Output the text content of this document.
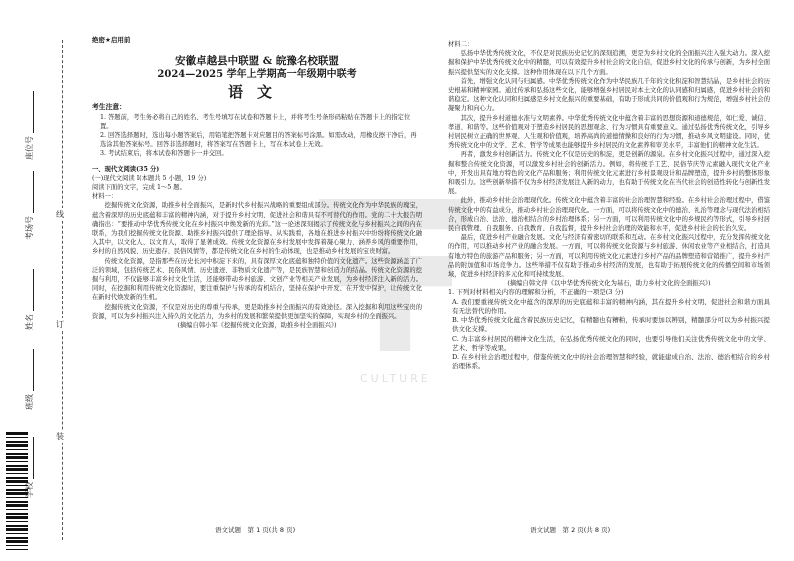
座位号
考场号
姓名
班级
学校
线
订
装
CULTURE
绝密★启用前
安徽卓越县中联盟 & 皖豫名校联盟
2024—2025 学年上学期高一年级期中联考
语文
考生注意：
1. 答题前，考生务必将自己的姓名、考生号填写在试卷和答题卡上，并将考生号条形码粘贴在答题卡上的指定位置。
2. 回答选择题时，选出每小题答案后，用铅笔把答题卡对应题目的答案标号涂黑。如需改动，用橡皮擦干净后，再选涂其他答案标号。回答非选择题时，将答案写在答题卡上，写在本试卷上无效。
3. 考试结束后，将本试卷和答题卡一并交回。
一、现代文阅读(35 分)
(一)现代文阅读 I(本题共 5 小题，19 分)
阅读下面的文字，完成 1～5 题。
材料一：
挖掘传统文化资源，助推乡村全面振兴，是新时代乡村振兴战略的重要组成部分。传统文化作为中华民族的瑰宝，蕴含着深厚的历史底蕴和丰富的精神内涵，对于提升乡村文明、促进社会和谐具有不可替代的作用。党的二十大报告明确指出：“要推动中华优秀传统文化在乡村振兴中焕发新的光彩。”这一论述深刻揭示了传统文化与乡村振兴之间的内在联系，为我们挖掘传统文化资源、助推乡村振兴提供了理论指导。从实践看，各地在推进乡村振兴中纷纷将传统文化融入其中，以文化人、以文育人，取得了显著成效。传统文化资源在乡村发展中发挥着凝心聚力、涵养乡风的重要作用，乡村的自然风貌、历史遗存、民俗风情等，都是传统文化在乡村的生动体现，也是推动乡村发展的宝贵财富。
传统文化资源，是指那些在历史长河中积淀下来的，具有深厚文化底蕴和独特价值的文化遗产。这些资源涵盖了广泛的领域，包括传统艺术、民俗风情、历史遗迹、非物质文化遗产等，是民族智慧和创造力的结晶。传统文化资源的挖掘与利用，不仅能够丰富乡村文化生活，还能够带动乡村旅游、文创产业等相关产业发展，为乡村经济注入新的活力。同时，在挖掘和利用传统文化资源时，要注重保护与传承的有机结合，坚持在保护中开发、在开发中保护，让传统文化在新时代焕发新的生机。
挖掘传统文化资源，不仅是对历史的尊重与传承，更是助推乡村全面振兴的有效途径。深入挖掘和利用这些宝贵的资源，可以为乡村振兴注入持久的文化活力，为乡村的发展和繁荣提供更加坚实的保障，实现乡村的全面振兴。
(摘编自韩小军《挖掘传统文化资源，助推乡村全面振兴》)
材料二：
弘扬中华优秀传统文化，不仅是对民族历史记忆的深刻追溯，更是为乡村文化的全面振兴注入强大动力。深入挖掘和保护中华优秀传统文化中的精髓，可以有效提升乡村社会的文化自信，促进乡村文化的传承与创新，为乡村全面振兴提供坚实的文化支撑。这种作用体现在以下几个方面。
首先，增强文化认同与归属感。中华优秀传统文化作为中华民族几千年的文化积淀和智慧结晶，是乡村社会的历史根基和精神家园。通过传承和弘扬这些文化，能够增强乡村居民对本土文化的认同感和归属感，促进乡村社会的和谐稳定。这种文化认同和归属感是乡村文化振兴的重要基础，有助于形成共同的价值观和行为规范，增强乡村社会的凝聚力和向心力。
其次，提升乡村道德水准与文明素养。中华优秀传统文化中蕴含着丰富的思想资源和道德规范，如仁爱、诚信、孝道、和谐等。这些价值观对于塑造乡村居民的思想观念、行为习惯具有重要意义。通过弘扬优秀传统文化，引导乡村居民树立正确的世界观、人生观和价值观，培养高尚的道德情操和良好的行为习惯，推动乡风文明建设。同时，优秀传统文化中的文学、艺术、哲学等成果也能够提升乡村居民的文化素养和审美水平，丰富他们的精神文化生活。
再者，激发乡村创新活力。传统文化不仅是历史的积淀，更是创新的源泉。在乡村文化振兴过程中，通过深入挖掘和整合传统文化资源，可以激发乡村社会的创新活力。例如，将传统手工艺、民俗节庆等元素融入现代文化产业中，开发出具有地方特色的文化产品和服务；利用传统文化元素进行乡村景观设计和品牌塑造，提升乡村的整体形象和吸引力。这些创新举措不仅为乡村经济发展注入新的动力，也有助于传统文化在当代社会的创造性转化与创新性发展。
此外，推动乡村社会治理现代化。传统文化中蕴含着丰富的社会治理智慧和经验。在乡村社会治理过程中，借鉴传统文化中的有益成分，推动乡村社会治理现代化。一方面，可以将传统文化中的德治、礼治等理念与现代法治相结合，形成自治、法治、德治相结合的乡村治理体系；另一方面，可以利用传统文化中的乡规民约等形式，引导乡村居民自我管理、自我服务、自我教育、自我监督，提升乡村社会治理的效能和水平，促进乡村社会的长治久安。
最后，促进乡村产业融合发展。文化与经济有着密切的联系和互动。在乡村文化振兴过程中，充分发挥传统文化的作用，可以推动乡村产业的融合发展。一方面，可以将传统文化资源与乡村旅游、休闲农业等产业相结合，打造具有地方特色的旅游产品和服务；另一方面，可以利用传统文化元素进行乡村产品的品牌塑造和营销推广，提升乡村产品的附加值和市场竞争力。这些举措不仅有助于推动乡村经济的发展，也有助于拓展传统文化的传播空间和市场领域，促进乡村经济的多元化和可持续发展。
(摘编自韩文萍《以中华优秀传统文化为基石，助力乡村文化的全面振兴》)
1. 下列对材料相关内容的理解和分析，不正确的一项是(3 分)
A. 我们要重视传统文化中蕴含的深厚的历史底蕴和丰富的精神内涵，其在提升乡村文明、促进社会和谐方面具有无法替代的作用。
B. 中华优秀传统文化蕴含着民族历史记忆，有精髓也有糟粕，传承时要加以辨别，精髓部分可以为乡村振兴提供文化支撑。
C. 为丰富乡村居民的精神文化生活，在弘扬优秀传统文化的同时，也要引导他们关注优秀传统文化中的文学、艺术、哲学等成果。
D. 在乡村社会治理过程中，借鉴传统文化中的社会治理智慧和经验，就能建成自治、法治、德治相结合的乡村治理体系。
语文试题　第 1 页(共 8 页)	语文试题　第 2 页(共 8 页)
